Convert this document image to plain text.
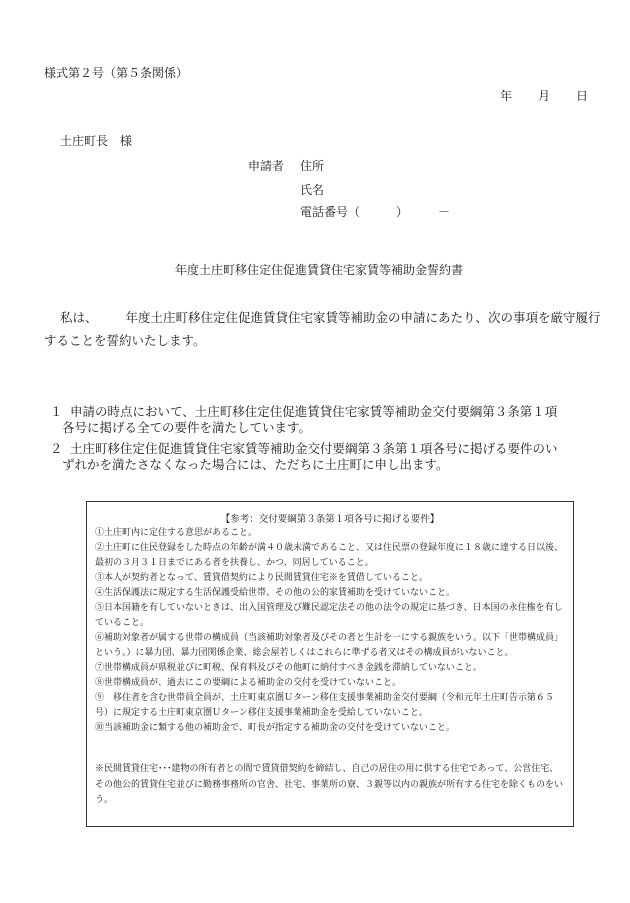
様式第２号（第５条関係）
年 月 日
土庄町長　様
申請者 住所
氏名
電話番号（　　　）　　　－
年度土庄町移住定住促進賃貸住宅家賃等補助金誓約書
私は、 年度土庄町移住定住促進賃貸住宅家賃等補助金の申請にあたり、次の事項を厳守履行することを誓約いたします。
１ 申請の時点において、土庄町移住定住促進賃貸住宅家賃等補助金交付要綱第３条第１項
各号に掲げる全ての要件を満たしています。
２ 土庄町移住定住促進賃貸住宅家賃等補助金交付要綱第３条第１項各号に掲げる要件のい
ずれかを満たさなくなった場合には、ただちに土庄町に申し出ます。
【参考：交付要綱第３条第１項各号に掲げる要件】
①土庄町内に定住する意思があること。
②土庄町に住民登録をした時点の年齢が満４０歳未満であること、又は住民票の登録年度に１８歳に達する日以後、最初の３月３１日までにある者を扶養し、かつ、同居していること。
③本人が契約者となって、賃貸借契約により民間賃貸住宅※を賃借していること。
④生活保護法に規定する生活保護受給世帯、その他の公的家賃補助を受けていないこと。
⑤日本国籍を有していないときは、出入国管理及び難民認定法その他の法令の規定に基づき、日本国の永住権を有していること。
⑥補助対象者が属する世帯の構成員（当該補助対象者及びその者と生計を一にする親族をいう。以下「世帯構成員」という。）に暴力団、暴力団関係企業、総会屋若しくはこれらに準ずる者又はその構成員がいないこと。
⑦世帯構成員が県税並びに町税、保育料及びその他町に納付すべき金銭を滞納していないこと。
⑧世帯構成員が、過去にこの要綱による補助金の交付を受けていないこと。
⑨　移住者を含む世帯員全員が、土庄町東京圏Ｕターン移住支援事業補助金交付要綱（令和元年土庄町告示第６５号）に規定する土庄町東京圏Ｕターン移住支援事業補助金を受給していないこと。
⑩当該補助金に類する他の補助金で、町長が指定する補助金の交付を受けていないこと。
※民間賃貸住宅･･･建物の所有者との間で賃貸借契約を締結し、自己の居住の用に供する住宅であって、公営住宅、その他公的賃貸住宅並びに勤務事務所の官舎、社宅、事業所の寮、３親等以内の親族が所有する住宅を除くものをいう。
